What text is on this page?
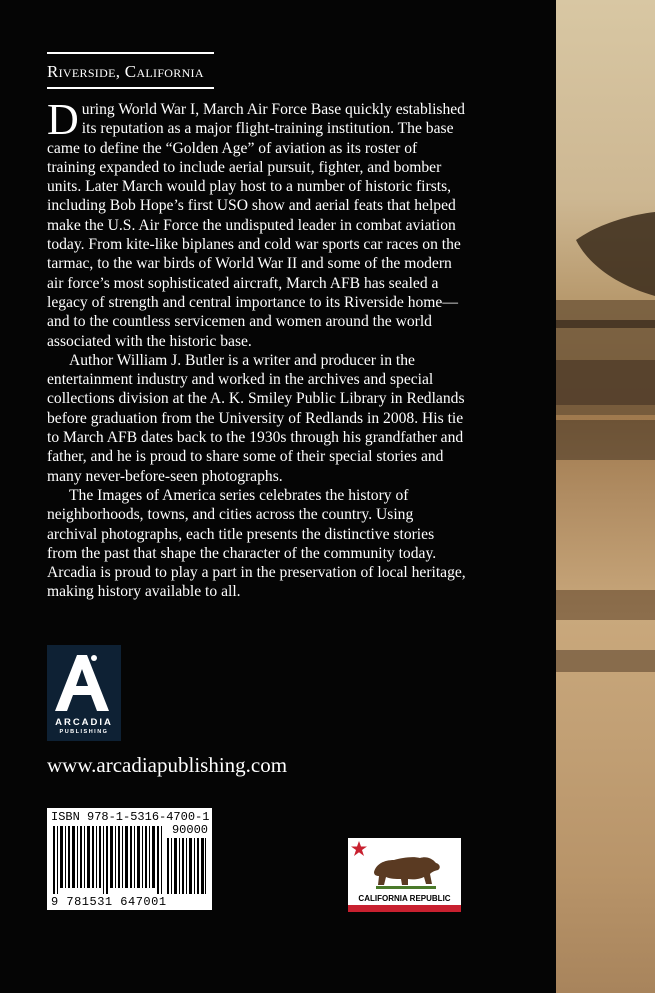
Riverside, California

During World War I, March Air Force Base quickly established its reputation as a major flight-training institution. The base came to define the “Golden Age” of aviation as its roster of training expanded to include aerial pursuit, fighter, and bomber units. Later March would play host to a number of historic firsts, including Bob Hope’s first USO show and aerial feats that helped make the U.S. Air Force the undisputed leader in combat aviation today. From kite-like biplanes and cold war sports car races on the tarmac, to the war birds of World War II and some of the modern air force’s most sophisticated aircraft, March AFB has sealed a legacy of strength and central importance to its Riverside home—and to the countless servicemen and women around the world associated with the historic base.

Author William J. Butler is a writer and producer in the entertainment industry and worked in the archives and special collections division at the A. K. Smiley Public Library in Redlands before graduation from the University of Redlands in 2008. His tie to March AFB dates back to the 1930s through his grandfather and father, and he is proud to share some of their special stories and many never-before-seen photographs.

The Images of America series celebrates the history of neighborhoods, towns, and cities across the country. Using archival photographs, each title presents the distinctive stories from the past that shape the character of the community today. Arcadia is proud to play a part in the preservation of local heritage, making history available to all.

ARCADIA
PUBLISHING
www.arcadiapublishing.com
ISBN 978-1-5316-4700-1
90000
9 781531 647001	CALIFORNIA REPUBLIC
